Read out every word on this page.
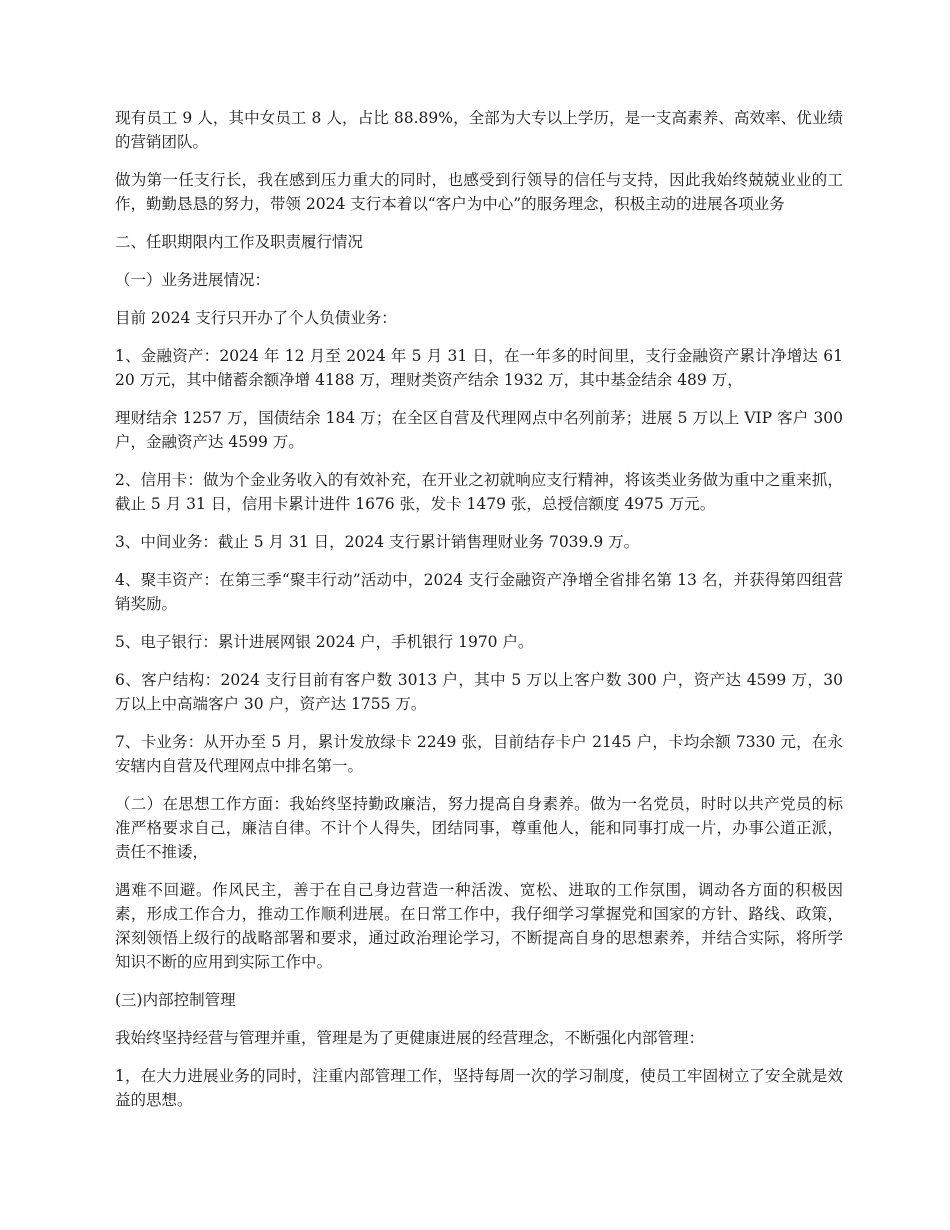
现有员工 9 人，其中女员工 8 人，占比 88.89%，全部为大专以上学历，是一支高素养、高效率、优业绩的营销团队。

做为第一任支行长，我在感到压力重大的同时，也感受到行领导的信任与支持，因此我始终兢兢业业的工作，勤勤恳恳的努力，带领 2024 支行本着以“客户为中心”的服务理念，积极主动的进展各项业务

二、任职期限内工作及职责履行情况

（一）业务进展情况：

目前 2024 支行只开办了个人负债业务：

1、金融资产：2024 年 12 月至 2024 年 5 月 31 日，在一年多的时间里，支行金融资产累计净增达 6120 万元，其中储蓄余额净增 4188 万，理财类资产结余 1932 万，其中基金结余 489 万，

理财结余 1257 万，国债结余 184 万；在全区自营及代理网点中名列前茅；进展 5 万以上 VIP 客户 300 户，金融资产达 4599 万。

2、信用卡：做为个金业务收入的有效补充，在开业之初就响应支行精神，将该类业务做为重中之重来抓，截止 5 月 31 日，信用卡累计进件 1676 张，发卡 1479 张，总授信额度 4975 万元。

3、中间业务：截止 5 月 31 日，2024 支行累计销售理财业务 7039.9 万。

4、聚丰资产：在第三季“聚丰行动”活动中，2024 支行金融资产净增全省排名第 13 名，并获得第四组营销奖励。

5、电子银行：累计进展网银 2024 户，手机银行 1970 户。

6、客户结构：2024 支行目前有客户数 3013 户，其中 5 万以上客户数 300 户，资产达 4599 万，30 万以上中高端客户 30 户，资产达 1755 万。

7、卡业务：从开办至 5 月，累计发放绿卡 2249 张，目前结存卡户 2145 户，卡均余额 7330 元，在永安辖内自营及代理网点中排名第一。

（二）在思想工作方面：我始终坚持勤政廉洁，努力提高自身素养。做为一名党员，时时以共产党员的标准严格要求自己，廉洁自律。不计个人得失，团结同事，尊重他人，能和同事打成一片，办事公道正派，责任不推诿，

遇难不回避。作风民主，善于在自己身边营造一种活泼、宽松、进取的工作氛围，调动各方面的积极因素，形成工作合力，推动工作顺利进展。在日常工作中，我仔细学习掌握党和国家的方针、路线、政策，深刻领悟上级行的战略部署和要求，通过政治理论学习，不断提高自身的思想素养，并结合实际，将所学知识不断的应用到实际工作中。

(三)内部控制管理

我始终坚持经营与管理并重，管理是为了更健康进展的经营理念，不断强化内部管理：

1，在大力进展业务的同时，注重内部管理工作，坚持每周一次的学习制度，使员工牢固树立了安全就是效益的思想。
